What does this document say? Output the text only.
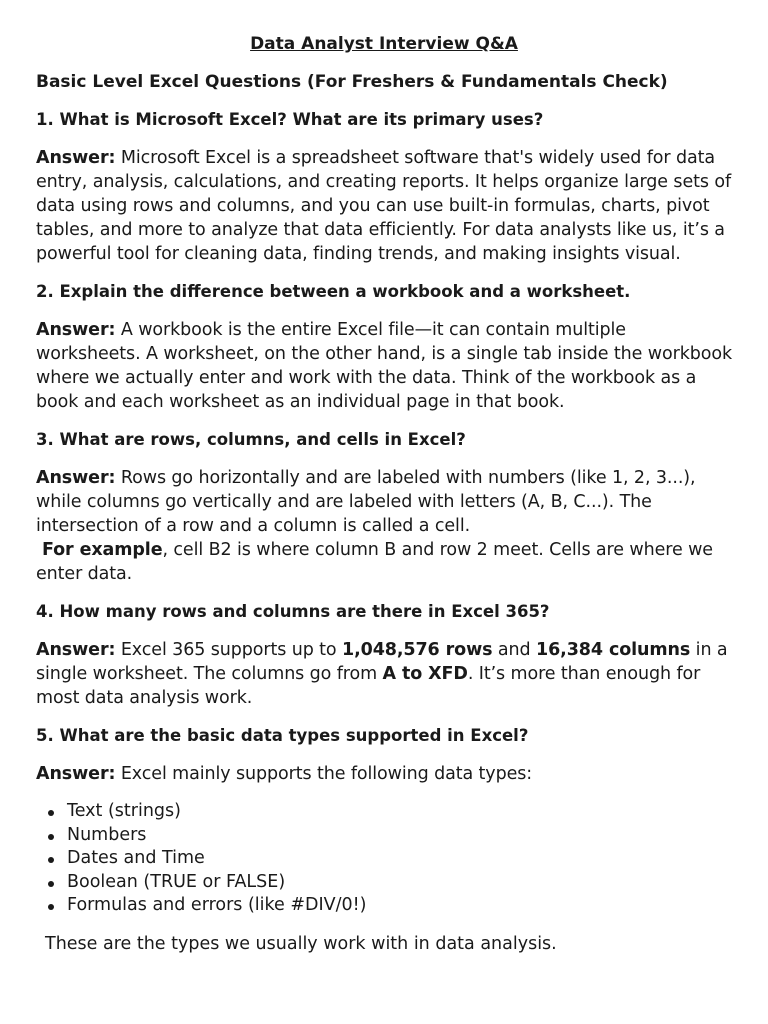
Data Analyst Interview Q&A
Basic Level Excel Questions (For Freshers & Fundamentals Check)
1. What is Microsoft Excel? What are its primary uses?

Answer: Microsoft Excel is a spreadsheet software that's widely used for data entry, analysis, calculations, and creating reports. It helps organize large sets of data using rows and columns, and you can use built-in formulas, charts, pivot tables, and more to analyze that data efficiently. For data analysts like us, it’s a powerful tool for cleaning data, finding trends, and making insights visual.

2. Explain the difference between a workbook and a worksheet.

Answer: A workbook is the entire Excel file—it can contain multiple worksheets. A worksheet, on the other hand, is a single tab inside the workbook where we actually enter and work with the data. Think of the workbook as a book and each worksheet as an individual page in that book.

3. What are rows, columns, and cells in Excel?

Answer: Rows go horizontally and are labeled with numbers (like 1, 2, 3...), while columns go vertically and are labeled with letters (A, B, C...). The intersection of a row and a column is called a cell.
For example, cell B2 is where column B and row 2 meet. Cells are where we enter data.

4. How many rows and columns are there in Excel 365?

Answer: Excel 365 supports up to 1,048,576 rows and 16,384 columns in a single worksheet. The columns go from A to XFD. It’s more than enough for most data analysis work.

5. What are the basic data types supported in Excel?

Answer: Excel mainly supports the following data types:

Text (strings)
Numbers
Dates and Time
Boolean (TRUE or FALSE)
Formulas and errors (like #DIV/0!)

These are the types we usually work with in data analysis.
